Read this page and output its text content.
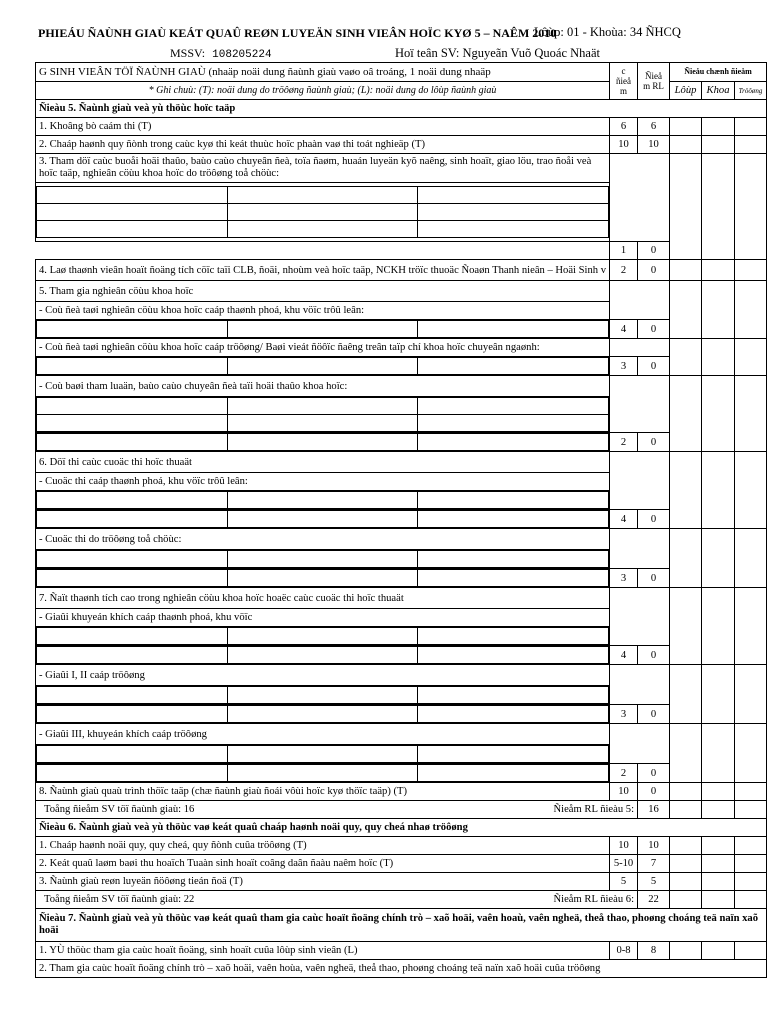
PHIEÁU ÑAÙNH GIAÙ KEÁT QUAÛ REØN LUYEÄN SINH VIEÂN HOÏC KYØ 5 – NAÊM 2010
Lôùp: 01 - Khoùa: 34 ÑHCQ
MSSV: 108205224	Hoï teân SV: Nguyeãn Vuõ Quoác Nhaät
G SINH VIEÂN TÖÏ ÑAÙNH GIAÙ (nhaäp noäi dung ñaùnh giaù vaøo oâ troáng, 1 noäi dung nhaäp	c ñieå m	Ñieå m RL	Ñieåu chænh ñieåm
* Ghi chuù: (T): noäi dung do tröôøng ñaùnh giaù; (L): noäi dung do lôùp ñaùnh giaù	Lôùp	Khoa	Tröôøng
Ñieàu 5. Ñaùnh giaù veà yù thöùc hoïc taäp
1. Khoâng bò caám thi (T)	6	6			
2. Chaáp haønh quy ñònh trong caùc kyø thi keát thuùc hoïc phaàn vaø thi toát nghieäp (T)	10	10			
3. Tham döï caùc buoåi hoäi thaûo, baùo caùo chuyeân ñeà, toïa ñaøm, huaán luyeän kyõ naêng, sinh hoaït, giao löu, trao ñoåi veà hoïc taäp, nghieân cöùu khoa hoïc do tröôøng toå chöùc:					

	1	0
4. Laø thaønh vieân hoaït ñoäng tích cöïc taïi CLB, ñoäi, nhoùm veà hoïc taäp, NCKH tröïc thuoäc Ñoaøn Thanh nieân – Hoäi Sinh v	2	0			
5. Tham gia nghieân cöùu khoa hoïc					
- Coù ñeà taøi nghieân cöùu khoa hoïc caáp thaønh phoá, khu vöïc trôû leân:		

	4	0
- Coù ñeà taøi nghieân cöùu khoa hoïc caáp tröôøng/ Baøi vieát ñöôïc ñaêng treân taïp chí khoa hoïc chuyeân ngaønh:					

	3	0
- Coù baøi tham luaän, baùo caùo chuyeân ñeà taïi hoäi thaûo khoa hoïc:					

	2	0
6. Döï thi caùc cuoäc thi hoïc thuaät					
- Cuoäc thi caáp thaønh phoá, khu vöïc trôû leân:		

	4	0
- Cuoäc thi do tröôøng toå chöùc:					

	3	0
7. Ñaït thaønh tích cao trong nghieân cöùu khoa hoïc hoaëc caùc cuoäc thi hoïc thuaät					
- Giaûi khuyeán khích caáp thaønh phoá, khu vöïc		

	4	0
- Giaûi I, II caáp tröôøng					

	3	0
- Giaûi III, khuyeán khích caáp tröôøng					

	2	0
8. Ñaùnh giaù quaù trình thöïc taäp (chæ ñaùnh giaù ñoái vôùi hoïc kyø thöïc taäp) (T)	10	0			
Toång ñieåm SV töï ñaùnh giaù: 16	Ñieåm RL ñieàu 5:	16			
Ñieàu 6. Ñaùnh giaù veà yù thöùc vaø keát quaû chaáp haønh noäi quy, quy cheá nhaø tröôøng
1. Chaáp haønh noäi quy, quy cheá, quy ñònh cuûa tröôøng (T)	10	10			
2. Keát quaû laøm baøi thu hoaïch Tuaàn sinh hoaït coâng daân ñaàu naêm hoïc (T)	5-10	7			
3. Ñaùnh giaù reøn luyeän ñöôøng tieán ñoä (T)	5	5			
Toång ñieåm SV töï ñaùnh giaù: 22	Ñieåm RL ñieàu 6:	22			
Ñieàu 7. Ñaùnh giaù veà yù thöùc vaø keát quaû tham gia caùc hoaït ñoäng chính trò – xaõ hoäi, vaên hoaù, vaên ngheä, theå thao, phoøng choáng teä naïn xaõ hoäi
1. YÙ thöùc tham gia caùc hoaït ñoäng, sinh hoaït cuûa lôùp sinh vieân (L)	0-8	8			
2. Tham gia caùc hoaït ñoäng chính trò – xaõ hoäi, vaên hoùa, vaên ngheä, theå thao, phoøng choáng teä naïn xaõ hoäi cuûa tröôøng
